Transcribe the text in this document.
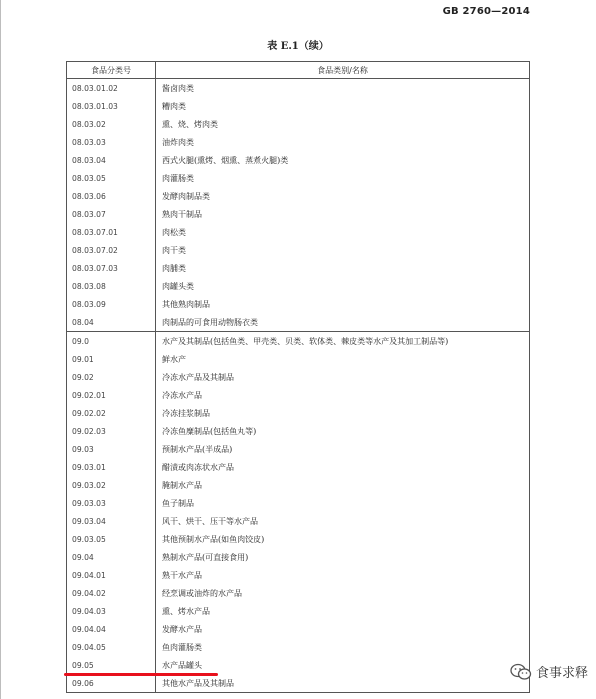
GB 2760—2014
表 E.1（续）
食品分类号	食品类别/名称
08.03.01.02	酱卤肉类
08.03.01.03	糟肉类
08.03.02	熏、烧、烤肉类
08.03.03	油炸肉类
08.03.04	西式火腿(熏烤、烟熏、蒸煮火腿)类
08.03.05	肉灌肠类
08.03.06	发酵肉制品类
08.03.07	熟肉干制品
08.03.07.01	肉松类
08.03.07.02	肉干类
08.03.07.03	肉脯类
08.03.08	肉罐头类
08.03.09	其他熟肉制品
08.04	肉制品的可食用动物肠衣类
09.0	水产及其制品(包括鱼类、甲壳类、贝类、软体类、棘皮类等水产及其加工制品等)
09.01	鲜水产
09.02	冷冻水产品及其制品
09.02.01	冷冻水产品
09.02.02	冷冻挂浆制品
09.02.03	冷冻鱼糜制品(包括鱼丸等)
09.03	预制水产品(半成品)
09.03.01	醋渍或肉冻状水产品
09.03.02	腌制水产品
09.03.03	鱼子制品
09.03.04	风干、烘干、压干等水产品
09.03.05	其他预制水产品(如鱼肉饺皮)
09.04	熟制水产品(可直接食用)
09.04.01	熟干水产品
09.04.02	经烹调或油炸的水产品
09.04.03	熏、烤水产品
09.04.04	发酵水产品
09.04.05	鱼肉灌肠类
09.05	水产品罐头
09.06	其他水产品及其制品
食事求释
